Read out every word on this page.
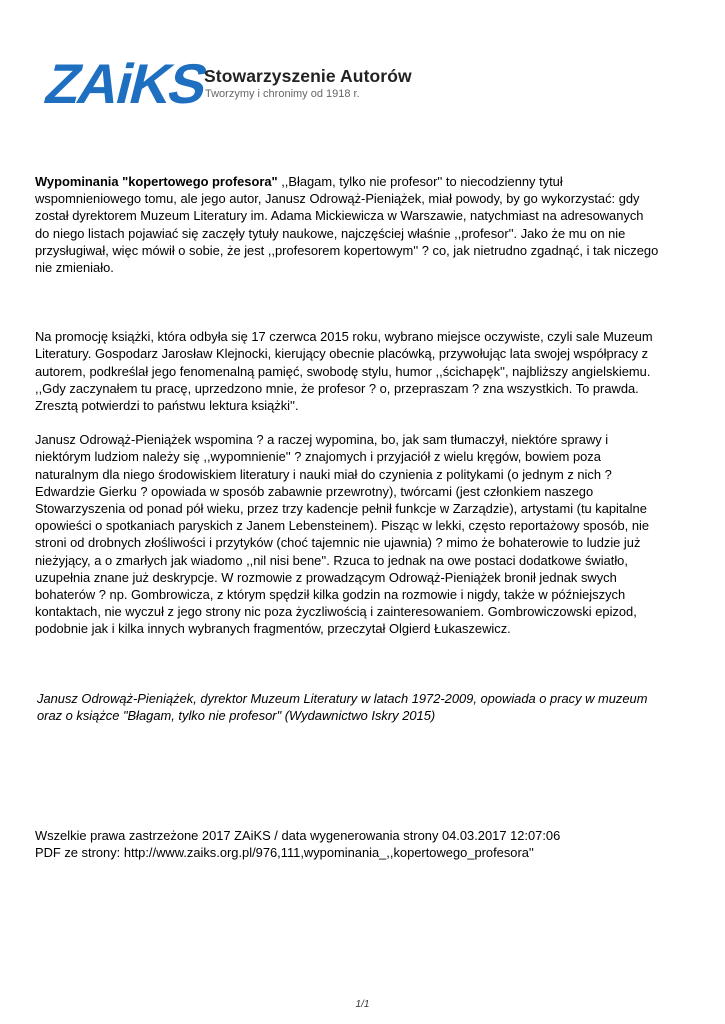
ZAiKS
Stowarzyszenie Autorów
Tworzymy i chronimy od 1918 r.

Wypominania "kopertowego profesora" ,,Błagam, tylko nie profesor'' to niecodzienny tytuł
wspomnieniowego tomu, ale jego autor, Janusz Odrowąż-Pieniążek, miał powody, by go wykorzystać: gdy
został dyrektorem Muzeum Literatury im. Adama Mickiewicza w Warszawie, natychmiast na adresowanych
do niego listach pojawiać się zaczęły tytuły naukowe, najczęściej właśnie ,,profesor''. Jako że mu on nie
przysługiwał, więc mówił o sobie, że jest ,,profesorem kopertowym'' ? co, jak nietrudno zgadnąć, i tak niczego
nie zmieniało.

Na promocję książki, która odbyła się 17 czerwca 2015 roku, wybrano miejsce oczywiste, czyli sale Muzeum
Literatury. Gospodarz Jarosław Klejnocki, kierujący obecnie placówką, przywołując lata swojej współpracy z
autorem, podkreślał jego fenomenalną pamięć, swobodę stylu, humor ,,ścichapęk'', najbliższy angielskiemu.
,,Gdy zaczynałem tu pracę, uprzedzono mnie, że profesor ? o, przepraszam ? zna wszystkich. To prawda.
Zresztą potwierdzi to państwu lektura książki''.

Janusz Odrowąż-Pieniążek wspomina ? a raczej wypomina, bo, jak sam tłumaczył, niektóre sprawy i
niektórym ludziom należy się ,,wypomnienie'' ? znajomych i przyjaciół z wielu kręgów, bowiem poza
naturalnym dla niego środowiskiem literatury i nauki miał do czynienia z politykami (o jednym z nich ?
Edwardzie Gierku ? opowiada w sposób zabawnie przewrotny), twórcami (jest członkiem naszego
Stowarzyszenia od ponad pół wieku, przez trzy kadencje pełnił funkcje w Zarządzie), artystami (tu kapitalne
opowieści o spotkaniach paryskich z Janem Lebensteinem). Pisząc w lekki, często reportażowy sposób, nie
stroni od drobnych złośliwości i przytyków (choć tajemnic nie ujawnia) ? mimo że bohaterowie to ludzie już
nieżyjący, a o zmarłych jak wiadomo ,,nil nisi bene''. Rzuca to jednak na owe postaci dodatkowe światło,
uzupełnia znane już deskrypcje. W rozmowie z prowadzącym Odrowąż-Pieniążek bronił jednak swych
bohaterów ? np. Gombrowicza, z którym spędził kilka godzin na rozmowie i nigdy, także w późniejszych
kontaktach, nie wyczuł z jego strony nic poza życzliwością i zainteresowaniem. Gombrowiczowski epizod,
podobnie jak i kilka innych wybranych fragmentów, przeczytał Olgierd Łukaszewicz.

Janusz Odrowąż-Pieniążek, dyrektor Muzeum Literatury w latach 1972-2009, opowiada o pracy w muzeum
oraz o książce "Błagam, tylko nie profesor" (Wydawnictwo Iskry 2015)

Wszelkie prawa zastrzeżone 2017 ZAiKS / data wygenerowania strony 04.03.2017 12:07:06

PDF ze strony: http://www.zaiks.org.pl/976,111,wypominania_,,kopertowego_profesora''

1/1
